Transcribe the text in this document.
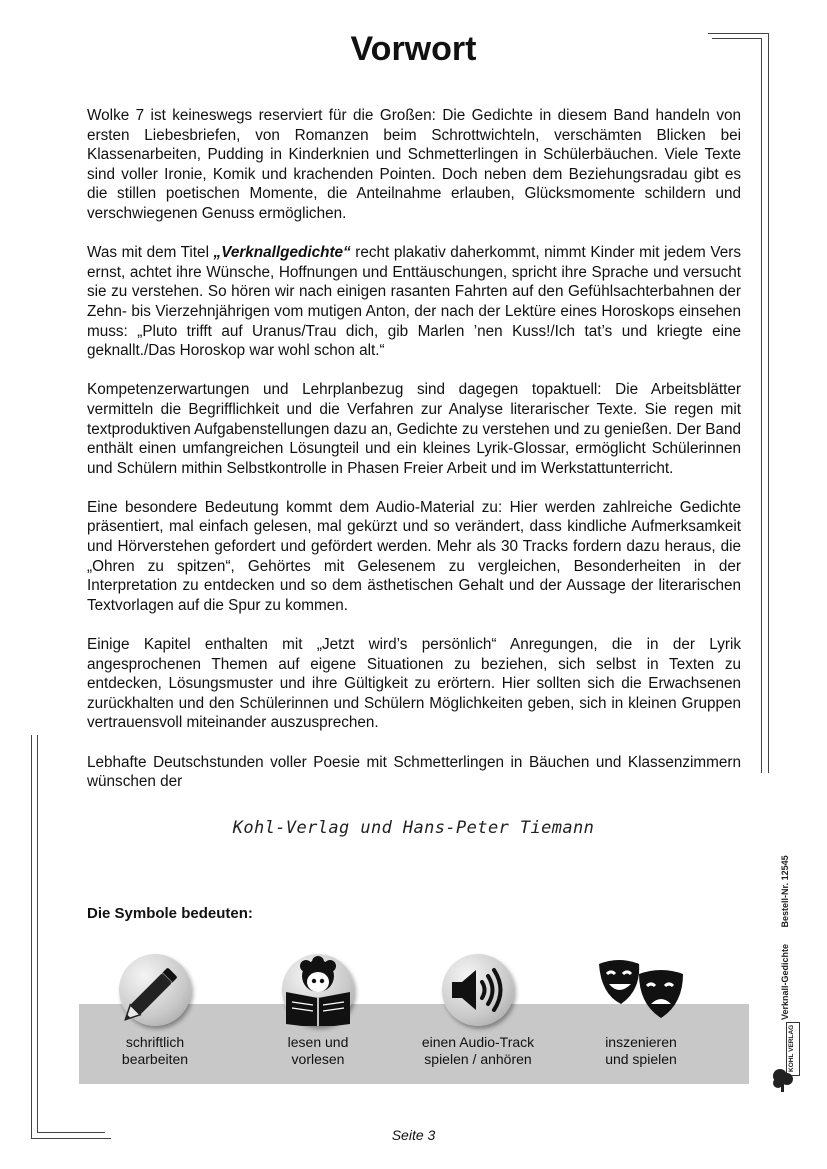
Vorwort

Wolke 7 ist keineswegs reserviert für die Großen: Die Gedichte in diesem Band handeln von ersten Liebesbriefen, von Romanzen beim Schrottwichteln, verschämten Blicken bei Klassenarbeiten, Pudding in Kinderknien und Schmetterlingen in Schülerbäuchen. Viele Texte sind voller Ironie, Komik und krachenden Pointen. Doch neben dem Beziehungsradau gibt es die stillen poetischen Momente, die Anteilnahme erlauben, Glücksmomente schildern und verschwiegenen Genuss ermöglichen.

Was mit dem Titel „Verknallgedichte“ recht plakativ daherkommt, nimmt Kinder mit jedem Vers ernst, achtet ihre Wünsche, Hoffnungen und Enttäuschungen, spricht ihre Sprache und versucht sie zu verstehen. So hören wir nach einigen rasanten Fahrten auf den Gefühlsachterbahnen der Zehn- bis Vierzehnjährigen vom mutigen Anton, der nach der Lektüre eines Horoskops einsehen muss: „Pluto trifft auf Uranus/Trau dich, gib Marlen ’nen Kuss!/Ich tat’s und kriegte eine geknallt./Das Horoskop war wohl schon alt.“

Kompetenzerwartungen und Lehrplanbezug sind dagegen topaktuell: Die Arbeitsblätter vermitteln die Begrifflichkeit und die Verfahren zur Analyse literarischer Texte. Sie regen mit textproduktiven Aufgabenstellungen dazu an, Gedichte zu verstehen und zu genießen. Der Band enthält einen umfangreichen Lösungteil und ein kleines Lyrik-Glossar, ermöglicht Schülerinnen und Schülern mithin Selbstkontrolle in Phasen Freier Arbeit und im Werkstattunterricht.

Eine besondere Bedeutung kommt dem Audio-Material zu: Hier werden zahlreiche Gedichte präsentiert, mal einfach gelesen, mal gekürzt und so verändert, dass kindliche Aufmerksamkeit und Hörverstehen gefordert und gefördert werden. Mehr als 30 Tracks fordern dazu heraus, die „Ohren zu spitzen“, Gehörtes mit Gelesenem zu vergleichen, Besonderheiten in der Interpretation zu entdecken und so dem ästhetischen Gehalt und der Aussage der literarischen Textvorlagen auf die Spur zu kommen.

Einige Kapitel enthalten mit „Jetzt wird’s persönlich“ Anregungen, die in der Lyrik angesprochenen Themen auf eigene Situationen zu beziehen, sich selbst in Texten zu entdecken, Lösungsmuster und ihre Gültigkeit zu erörtern. Hier sollten sich die Erwachsenen zurückhalten und den Schülerinnen und Schülern Möglichkeiten geben, sich in kleinen Gruppen vertrauensvoll miteinander auszusprechen.

Lebhafte Deutschstunden voller Poesie mit Schmetterlingen in Bäuchen und Klassenzimmern wünschen der

Kohl-Verlag und Hans-Peter Tiemann
Die Symbole bedeuten:
schriftlich
bearbeiten
lesen und
vorlesen
einen Audio-Track
spielen / anhören
inszenieren
und spielen
Verknall-Gedichte Bestell-Nr. 12545
KOHL VERLAG
Seite 3
